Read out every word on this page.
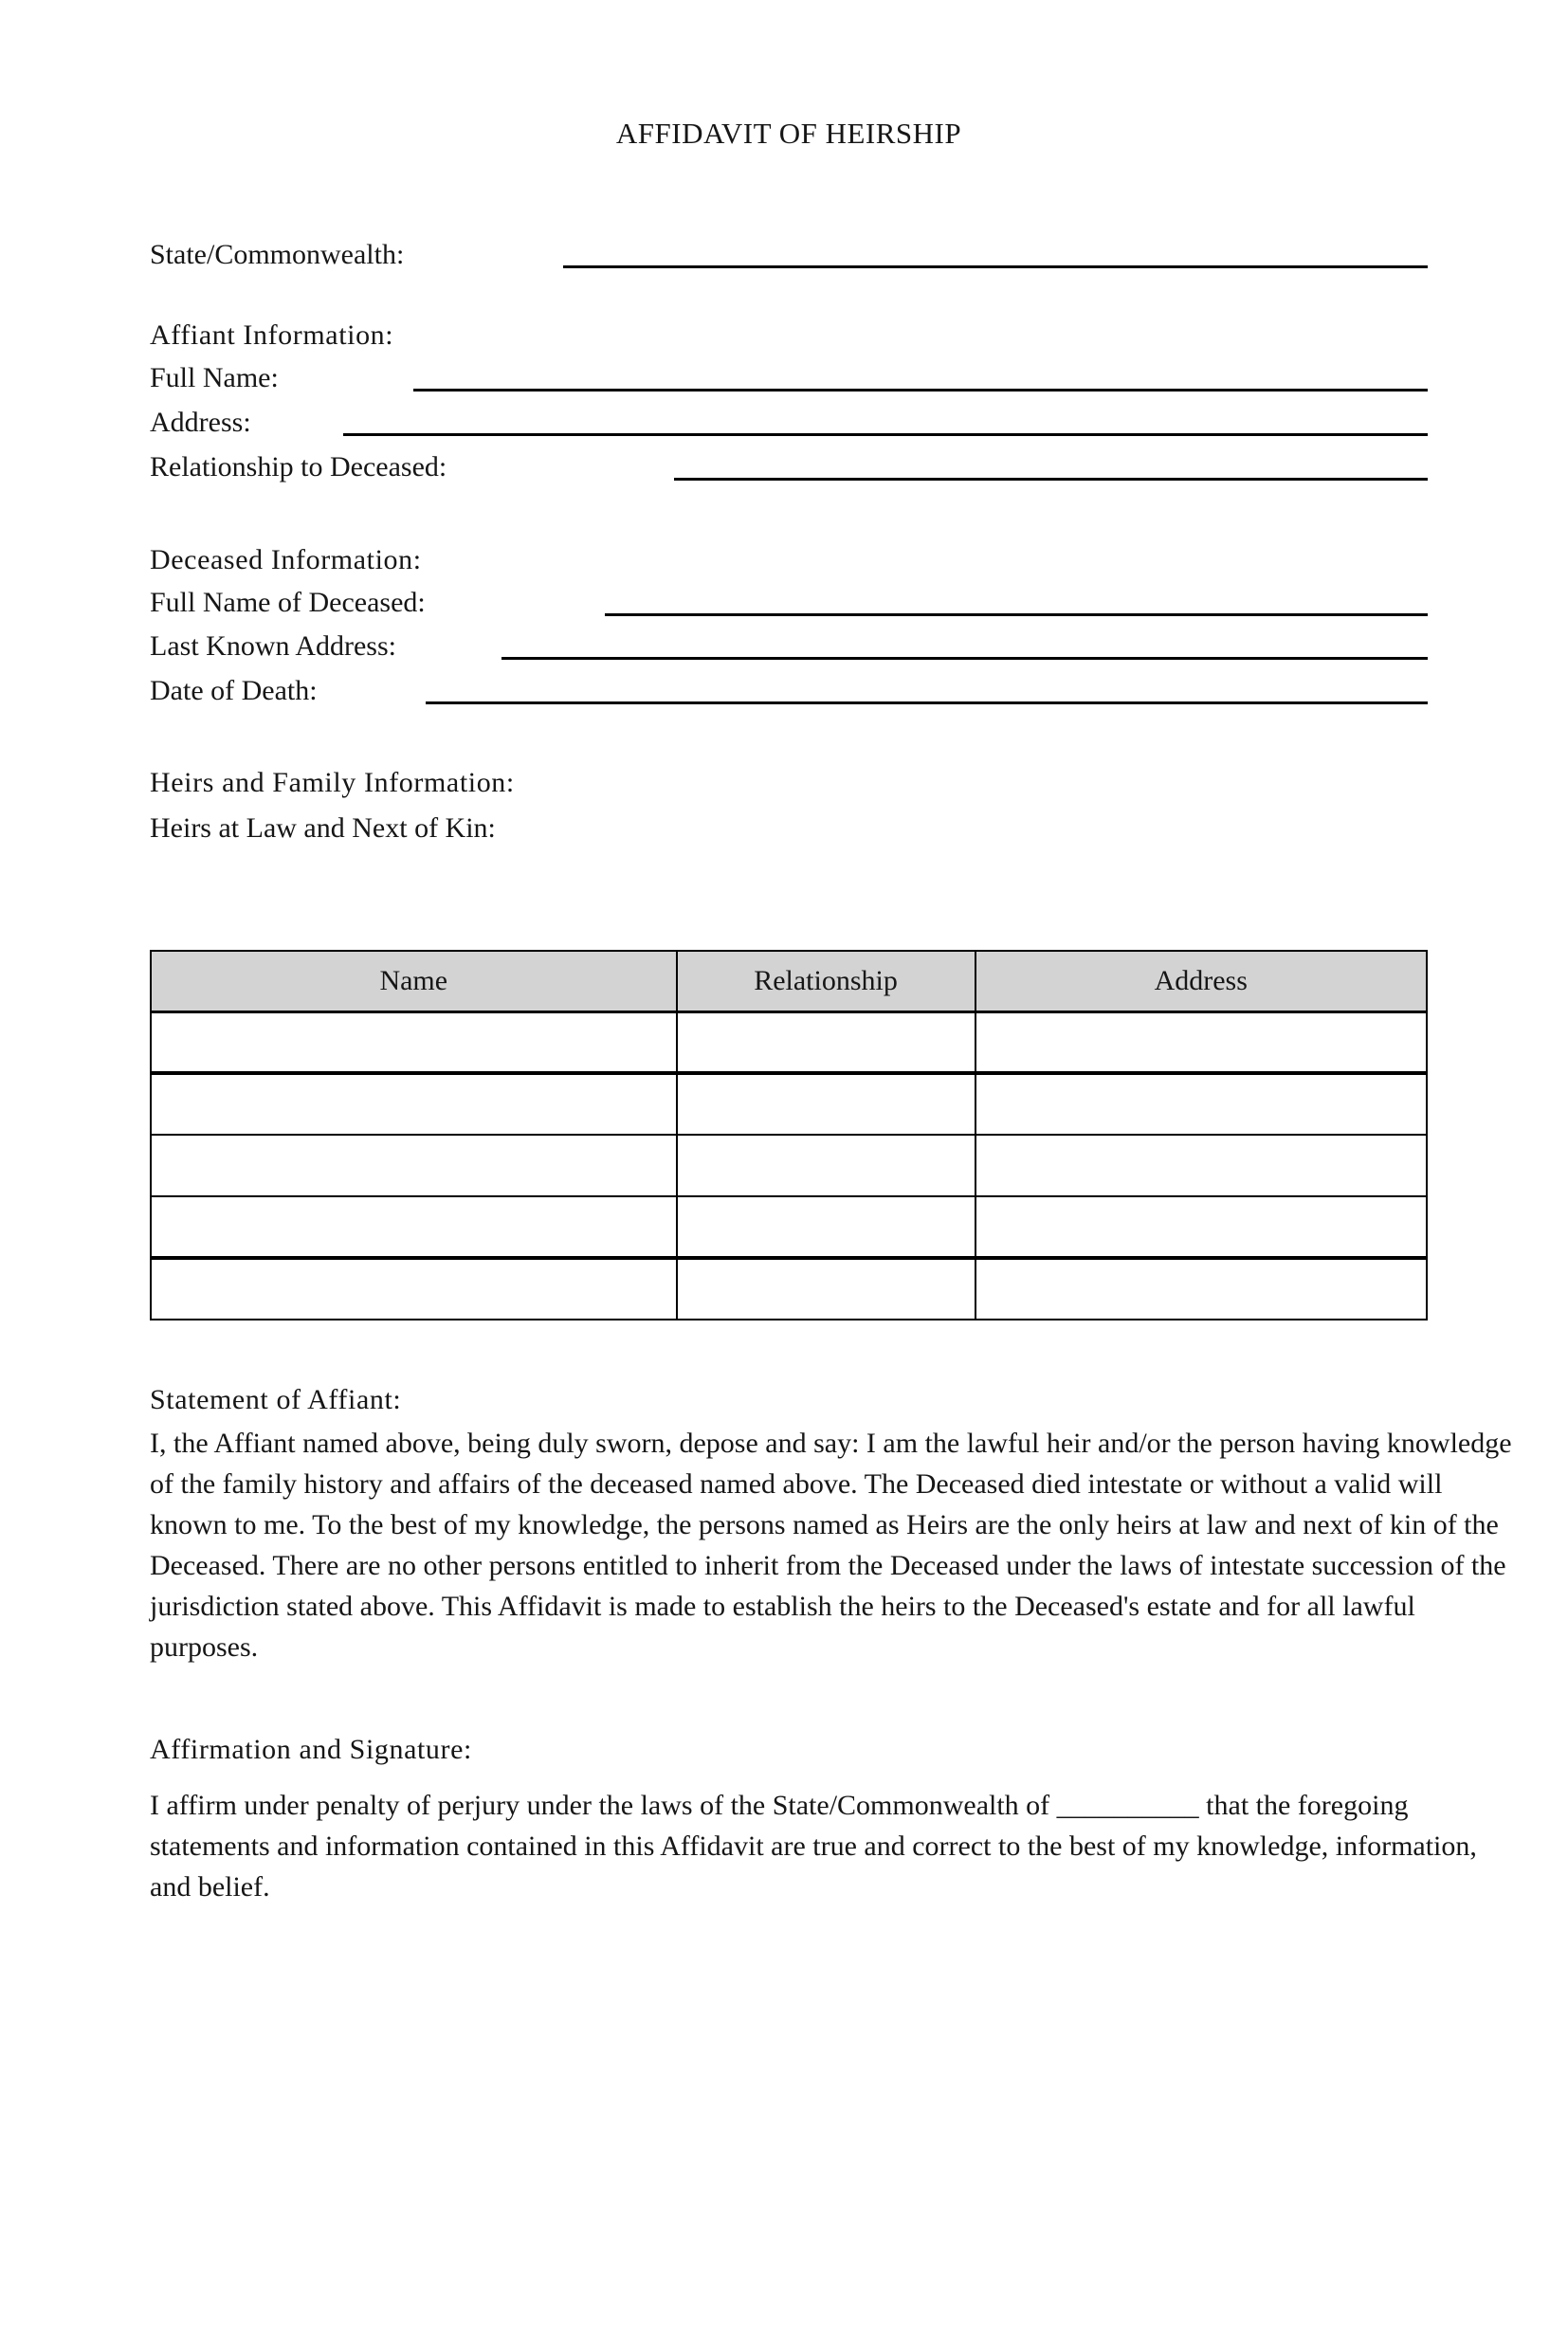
AFFIDAVIT OF HEIRSHIP
State/Commonwealth:
Affiant Information:
Full Name:
Address:
Relationship to Deceased:
Deceased Information:
Full Name of Deceased:
Last Known Address:
Date of Death:
Heirs and Family Information:
Heirs at Law and Next of Kin:
Name	Relationship	Address

Statement of Affiant:
I, the Affiant named above, being duly sworn, depose and say: I am the lawful heir and/or the person having knowledge
of the family history and affairs of the deceased named above. The Deceased died intestate or without a valid will
known to me. To the best of my knowledge, the persons named as Heirs are the only heirs at law and next of kin of the
Deceased. There are no other persons entitled to inherit from the Deceased under the laws of intestate succession of the
jurisdiction stated above. This Affidavit is made to establish the heirs to the Deceased's estate and for all lawful
purposes.
Affirmation and Signature:
I affirm under penalty of perjury under the laws of the State/Commonwealth of __________ that the foregoing
statements and information contained in this Affidavit are true and correct to the best of my knowledge, information,
and belief.
